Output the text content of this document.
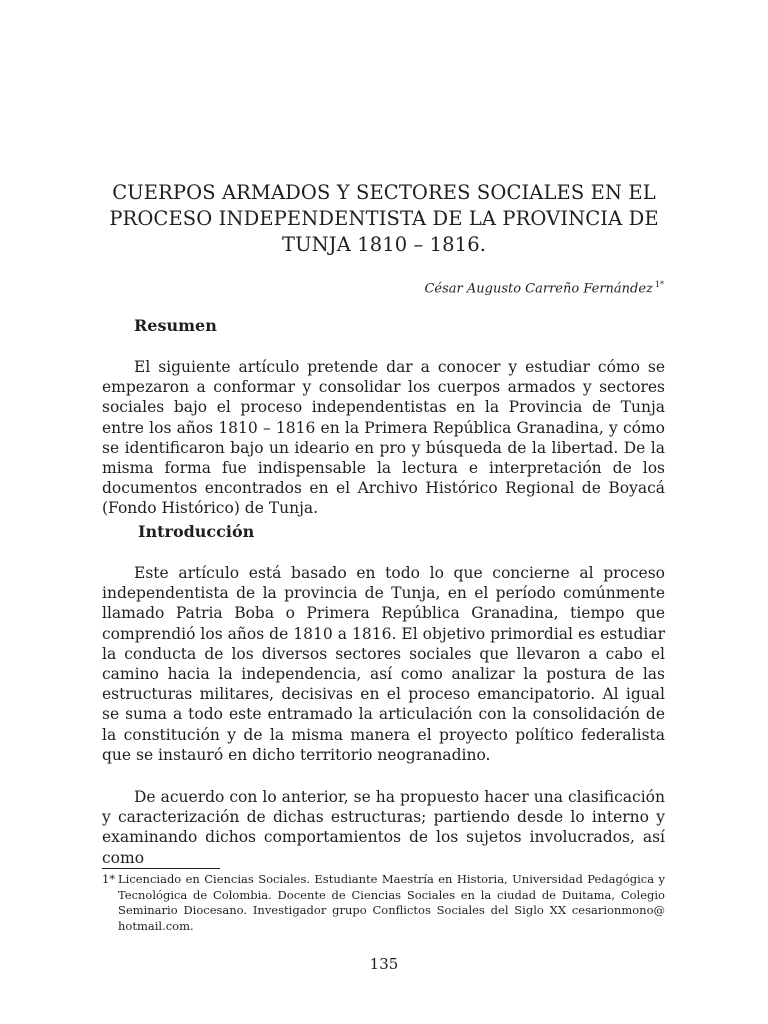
CUERPOS ARMADOS Y SECTORES SOCIALES EN EL PROCESO INDEPENDENTISTA DE LA PROVINCIA DE TUNJA 1810 – 1816.
César Augusto Carreño Fernández $^{1*}$
Resumen

El siguiente artículo pretende dar a conocer y estudiar cómo se empezaron a conformar y consolidar los cuerpos armados y sectores sociales bajo el proceso independentistas en la Provincia de Tunja entre los años 1810 – 1816 en la Primera República Granadina, y cómo se identificaron bajo un ideario en pro y búsqueda de la libertad. De la misma forma fue indispensable la lectura e interpretación de los documentos encontrados en el Archivo Histórico Regional de Boyacá (Fondo Histórico) de Tunja.

Introducción

Este artículo está basado en todo lo que concierne al proceso independentista de la provincia de Tunja, en el período comúnmente llamado Patria Boba o Primera República Granadina, tiempo que comprendió los años de 1810 a 1816. El objetivo primordial es estudiar la conducta de los diversos sectores sociales que llevaron a cabo el camino hacia la independencia, así como analizar la postura de las estructuras militares, decisivas en el proceso emancipatorio. Al igual se suma a todo este entramado la articulación con la consolidación de la constitución y de la misma manera el proyecto político federalista que se instauró en dicho territorio neogranadino.

De acuerdo con lo anterior, se ha propuesto hacer una clasificación y caracterización de dichas estructuras; partiendo desde lo interno y examinando dichos comportamientos de los sujetos involucrados, así como

1* Licenciado en Ciencias Sociales. Estudiante Maestría en Historia, Universidad Pedagógica y Tecnológica de Colombia. Docente de Ciencias Sociales en la ciudad de Duitama, Colegio Seminario Diocesano. Investigador grupo Conflictos Sociales del Siglo XX cesarionmono@ hotmail.com.

135
